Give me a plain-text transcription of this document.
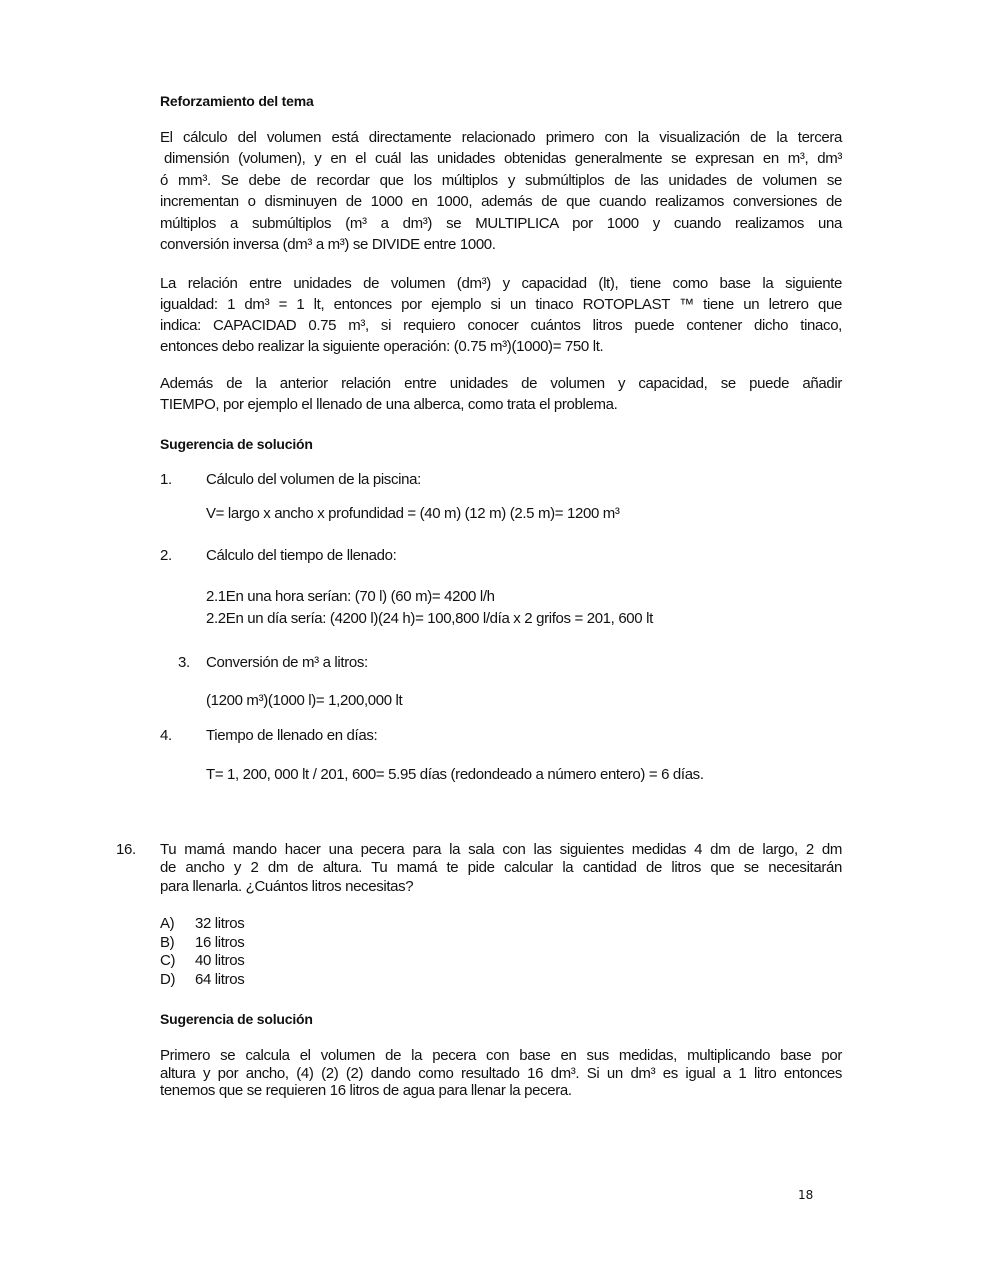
Reforzamiento del tema
El cálculo del volumen está directamente relacionado primero con la visualización de la tercera
dimensión (volumen), y en el cuál las unidades obtenidas generalmente se expresan en m³, dm³
ó mm³. Se debe de recordar que los múltiplos y submúltiplos de las unidades de volumen se
incrementan o disminuyen de 1000 en 1000, además de que cuando realizamos conversiones de
múltiplos a submúltiplos (m³ a dm³) se MULTIPLICA por 1000 y cuando realizamos una
conversión inversa (dm³ a m³) se DIVIDE entre 1000.
La relación entre unidades de volumen (dm³) y capacidad (lt), tiene como base la siguiente
igualdad: 1 dm³ = 1 lt, entonces por ejemplo si un tinaco ROTOPLAST ™ tiene un letrero que
indica: CAPACIDAD 0.75 m³, si requiero conocer cuántos litros puede contener dicho tinaco,
entonces debo realizar la siguiente operación: (0.75 m³)(1000)= 750 lt.
Además de la anterior relación entre unidades de volumen y capacidad, se puede añadir
TIEMPO, por ejemplo el llenado de una alberca, como trata el problema.
Sugerencia de solución
1. Cálculo del volumen de la piscina:
V= largo x ancho x profundidad = (40 m) (12 m) (2.5 m)= 1200 m³
2. Cálculo del tiempo de llenado:
2.1En una hora serían: (70 l) (60 m)= 4200 l/h
2.2En un día sería: (4200 l)(24 h)= 100,800 l/día x 2 grifos = 201, 600 lt
3. Conversión de m³ a litros:
(1200 m³)(1000 l)= 1,200,000 lt
4. Tiempo de llenado en días:
T= 1, 200, 000 lt / 201, 600= 5.95 días (redondeado a número entero) = 6 días.
16. Tu mamá mando hacer una pecera para la sala con las siguientes medidas 4 dm de largo, 2 dm
de ancho y 2 dm de altura. Tu mamá te pide calcular la cantidad de litros que se necesitarán
para llenarla. ¿Cuántos litros necesitas?
A) 32 litros
B) 16 litros
C) 40 litros
D) 64 litros
Sugerencia de solución
Primero se calcula el volumen de la pecera con base en sus medidas, multiplicando base por
altura y por ancho, (4) (2) (2) dando como resultado 16 dm³. Si un dm³ es igual a 1 litro entonces
tenemos que se requieren 16 litros de agua para llenar la pecera.
18
